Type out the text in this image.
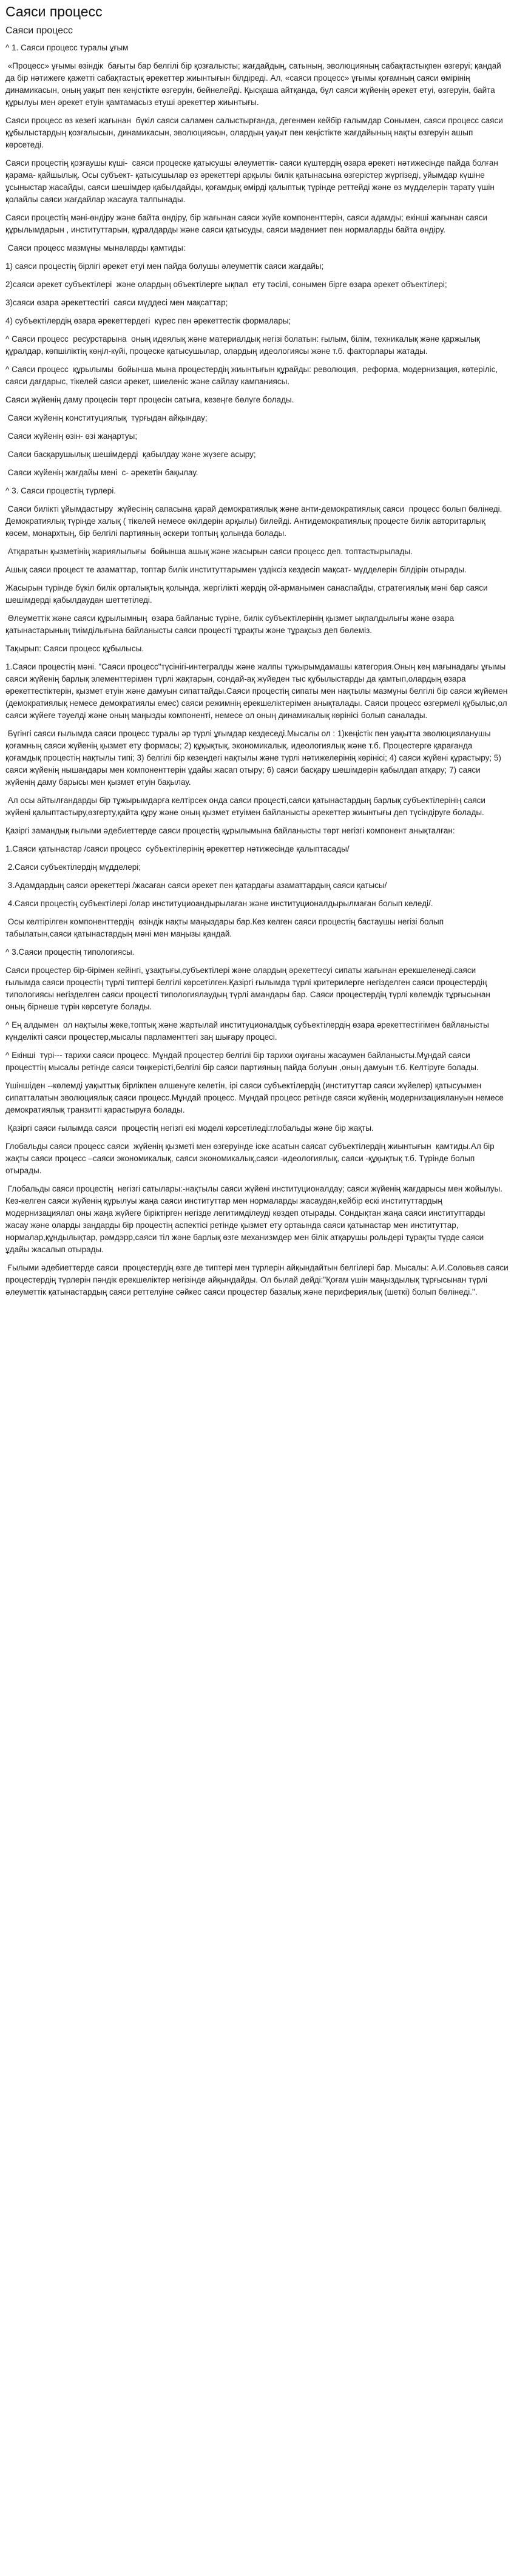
Саяси процесс
Саяси процесс

^ 1. Саяси процесс туралы ұғым

«Процесс» ұғымы өзіндік  бағыты бар белгілі бір қозғалысты; жағдайдың, сатының, эволюцияның сабақтастықпен өзгеруі; қандай да бір нәтижеге қажетті сабақтастық әрекеттер жиынтығын білдіреді. Ал, «саяси процесс» ұғымы қоғамның саяси өмірінің динамикасын, оның уақыт пен кеңістікте өзгеруін, бейнелейді. Қысқаша айтқанда, бұл саяси жүйенің әрекет етуі, өзгеруін, байта құрылуы мен әрекет етуін қамтамасыз етуші әрекеттер жиынтығы.

Саяси процесс өз кезегі жағынан  бүкіл саяси саламен салыстырғанда, дегенмен кейбір ғалымдар Сонымен, саяси процесс саяси құбылыстардың қозғалысын, динамикасын, эволюциясын, олардың уақыт пен кеңістікте жағдайының нақты өзгеруін ашып көрсетеді.

Саяси процестің қозғаушы күші-  саяси процеске қатысушы әлеуметтік- саяси күштердің өзара әрекеті нәтижесінде пайда болған қарама- қайшылық. Осы субъект- қатысушылар өз әрекеттері арқылы билік қатынасына өзгерістер жүргізеді, уйымдар күшіне ұсыныстар жасайды, саяси шешімдер қабылдайды, қоғамдық өмірді қалыптық түрінде реттейді және өз мүдделерін тарату үшін қолайлы саяси жағдайлар жасауға талпынады.

Саяси процестің мәні-өндіру және байта өндіру, бір жағынан саяси жүйе компоненттерін, саяси адамды; екінші жағынан саяси құрылымдарын , институттарын, құралдарды және саяси қатысуды, саяси мәдениет пен нормаларды байта өндіру.

Саяси процесс мазмұны мыналарды қамтиды:

1) саяси процестің бірлігі әрекет етуі мен пайда болушы әлеуметтік саяси жағдайы;

2)саяси әрекет субъектілері  және олардың объектілерге ықпал  ету тәсілі, сонымен бірге өзара әрекет объектілері;

3)саяси өзара әрекеттестігі  саяси мүддесі мен мақсаттар;

4) субъектілердің өзара әрекеттердегі  күрес пен әрекеттестік формалары;

^ Саяси процесс  ресурстарына  оның идеялық және материалдық негізі болатын: ғылым, білім, техникалық және қаржылық құралдар, көпшіліктің көңіл-күйі, процеске қатысушылар, олардың идеологиясы және т.б. факторлары жатады.

^ Саяси процесс  құрылымы  бойынша мына процестердің жиынтығын құрайды: революция,  реформа, модернизация, көтеріліс, саяси дағдарыс, тікелей саяси әрекет, шиеленіс және сайлау кампаниясы.

Саяси жүйенің даму процесін төрт процесін сатыға, кезеңге бөлуге болады.

Саяси жүйенің конституциялық  түрғыдан айқындау;

Саяси жүйенің өзін- өзі жаңартуы;

Саяси басқарушылық шешімдерді  қабылдау және жүзеге асыру;

Саяси жүйенің жағдайы мені  с- әрекетін бақылау.

^ 3. Саяси процестің түрлері.

Саяси билікті ұйымдастыру  жүйесінің сапасына қарай демократиялық және анти-демократиялық саяси  процесс болып бөлінеді. Демократиялық түрінде халық ( тікелей немесе өкілдерін арқылы) билейді. Антидемократиялық процесте билік авторитарлық көсем, монархтың, бір белгілі партияның әскери топтың қолында болады.

Атқаратын қызметінің жариялылығы  бойынша ашық және жасырын саяси процесс деп. топтастырылады.

Ашық саяси процест те азаматтар, топтар билік институттарымен үздіксіз кездесіп мақсат- мүдделерін білдірін отырады.

Жасырын түрінде бүкіл билік орталықтың қолында, жергілікті жердің ой-арманымен санаспайды, стратегиялық мәні бар саяси шешімдерді қабылдаудан шеттетіледі.

Әлеуметтік және саяси құрылымның  өзара байланыс түріне, билік субъектілерінің қызмет ықпалдылығы және өзара қатынастарының тиімділығына байланысты саяси процесті тұрақты және тұрақсыз деп бөлемiз.

Тақырып: Саяси процесс құбылысы.

1.Саяси процестің мәні. "Саяси процесс"түсінігі-интегралды және жалпы тұжырымдамашы категория.Оның кең мағынадағы ұғымы саяси жүйенің барлық элементтерімен түрлі жақтарын, сондай-ақ жүйеден тыс құбылыстарды да қамтып,олардың өзара әрекеттестіктерін, қызмет етуін және дамуын сипаттайды.Саяси процестің сипаты мен нақтылы мазмұны белгілі бір саяси жүйемен (демократиялық немесе демократиялы емес) саяси режимнің ерекшеліктерімен анықталады. Саяси процесс өзгермелі құбылыс,ол саяси жүйеге тәуелді және оның маңызды компоненті, немесе ол оның динамикалық көрінісі болып саналады.

Бүгінгі саяси ғылымда саяси процесс туралы әр түрлі ұғымдар кездеседі.Мысалы ол : 1)кеңістік пен уақытта эволюцияланушы қоғамның саяси жүйенің қызмет ету формасы; 2) құқықтық, экономикалық, идеологиялық және т.б. Процестерге қарағанда қоғамдық процестің нақтылы типі; 3) белгілі бір кезеңдегі нақтылы және түрлі нәтижелерінің көрінісі; 4) саяси жүйені құрастыру; 5) саяси жүйенің нышандары мен компоненттерін ұдайы жасап отыру; 6) саяси басқару шешімдерін қабылдап атқару; 7) саяси жүйенің даму барысы мен қызмет етуін бақылау.

Ал осы айтылғандарды бір тұжырымдарға келтірсек онда саяси процесті,саяси қатынастардың барлық субъектілерінің саяси жүйені қалыптастыру,өзгерту,қайта құру және оның қызмет етуімен байланысты әрекеттер жиынтығы деп түсіндіруге болады.

Қазіргі замандық ғылыми әдебиеттерде саяси процестің құрылымына байланысты төрт негізгі компонент анықталған:

1.Саяси қатынастар /саяси процесс  субъектілерінің әрекеттер нәтижесінде қалыптасады/

2.Саяси субъектілердің мүдделері;

3.Адамдардың саяси әрекеттері /жасаған саяси әрекет пен қатардағы азаматтардың саяси қатысы/

4.Саяси процестің субъектілері /олар институциоандырылаған және институционалдырылмаған болып келеді/.

Осы келтірілген компоненттердің  өзіндік нақты маңыздары бар.Кез келген саяси процестің бастаушы негізі болып табылатын,саяси қатынастардың мәні мен маңызы қандай.

^ 3.Саяси процестің типологиясы.

Саяси процестер бір-бірімен кейінгі, ұзақтығы,субъектілері және олардың әрекеттесуі сипаты жағынан ерекшеленеді.саяси ғылымда саяси процестің түрлі типтері белгілі көрсетілген.Қазіргі ғылымда түрлі критерилерге негізделген саяси процестердің типологиясы негізделген саяси процесті типологиялаудың түрлі амандары бар. Саяси процестердің түрлі көлемдік тұрғысынан оның бірнеше түрін көрсетуге болады.

^ Ең алдымен  ол нақтылы жеке,топтық және жартылай институционалдық субъектілердің өзара әрекеттестігімен байланысты күнделікті саяси процестер,мысалы парламенттегі заң шығару процесі.

^ Екінші  түрі--- тарихи саяси процесс. Мұндай процестер белгілі бір тарихи оқиғаны жасаумен байланысты.Мұндай саяси процесттің мысалы ретінде саяси төңкерісті,белгілі бір саяси партияның пайда болуын ,оның дамуын т.б. Келтіруге болады.

Үшіншіден --көлемді уақыттық бірлікпен өлшенуге келетін, ірі саяси субъектілердің (институттар саяси жүйелер) қатысуымен сипатталатын эволюциялық саяси процесс.Мұндай процесс. Мұндай процесс ретінде саяси жүйенің модернизациялануын немесе демократиялық транзитті қарастыруға болады.

Қазіргі саяси ғылымда саяси  процестің негізгі екі моделі көрсетіледі:глобальды және бір жақты.

Глобальды саяси процесс саяси  жүйенің қызметі мен өзгеруінде іске асатын саясат субъектілердің жиынтығын  қамтиды.Ал бір жақты саяси процесс –саяси экономикалық, саяси экономикалық,саяси -идеологиялық, саяси -құқықтық т.б. Түрінде болып отырады.

Глобальды саяси процестің  негізгі сатылары:-нақтылы саяси жүйені институционалдау; саяси жүйенің жағдарысы мен жойылуы. Кез-келген саяси жүйенің құрылуы жаңа саяси институттар мен нормаларды жасаудан,кейбір ескі институттардың модернизациялап оны жаңа жүйеге біріктірген негізде легитимділеуді көздеп отырады. Сондықтан жаңа саяси институттарды жасау және оларды заңдарды бір процестің аспектісі ретінде қызмет ету ортаында саяси қатынастар мен институттар, нормалар,құндылықтар, рәмдэрр,саяси тіл және барлық өзге механизмдер мен білік атқарушы рольдері тұрақты түрде саяси ұдайы жасалып отырады.

Ғылыми әдебиеттерде саяси  процестердің өзге де типтері мен түрлерін айқындайтын белгілері бар. Мысалы: А.И.Соловьев саяси процестердің түрлерін пәндік ерекшеліктер негізінде айқындайды. Ол былай дейді:"Қоғам үшін маңыздылық тұрғысынан түрлі әлеуметтік қатынастардың саяси реттелуіне сәйкес саяси процестер базалық және перифериялық (шеткі) болып бөлінеді.".
